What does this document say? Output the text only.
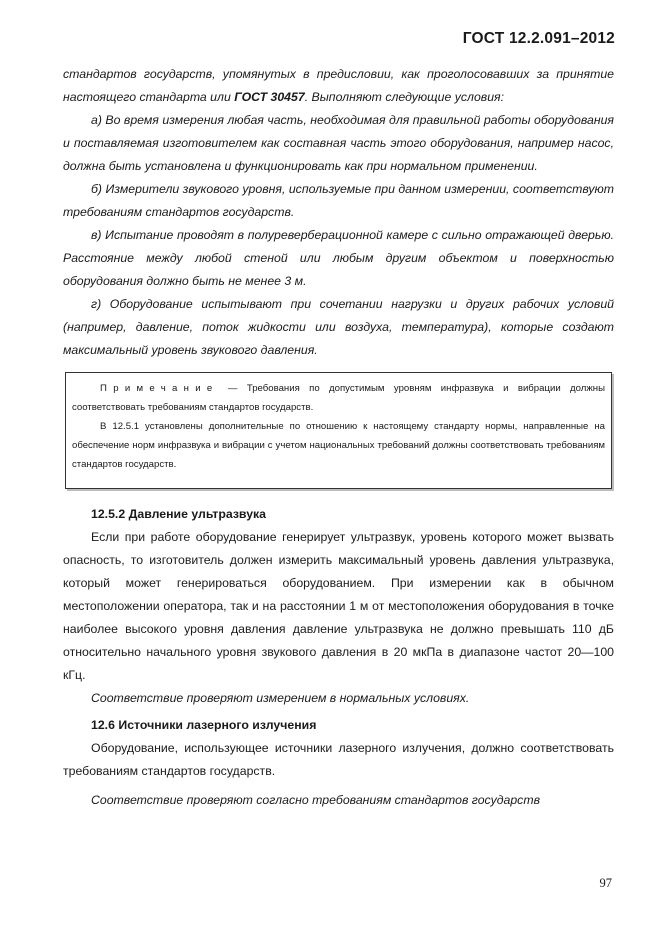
ГОСТ 12.2.091–2012

стандартов государств, упомянутых в предисловии, как проголосовавших за принятие настоящего стандарта или ГОСТ 30457. Выполняют следующие условия:

а) Во время измерения любая часть, необходимая для правильной работы оборудования и поставляемая изготовителем как составная часть этого оборудования, например насос, должна быть установлена и функционировать как при нормальном применении.

б) Измерители звукового уровня, используемые при данном измерении, соответствуют требованиям стандартов государств.

в) Испытание проводят в полуреверберационной камере с сильно отражающей дверью. Расстояние между любой стеной или любым другим объектом и поверхностью оборудования должно быть не менее 3 м.

г) Оборудование испытывают при сочетании нагрузки и других рабочих условий (например, давление, поток жидкости или воздуха, температура), которые создают максимальный уровень звукового давления.

Примечание — Требования по допустимым уровням инфразвука и вибрации должны соответствовать требованиям стандартов государств.

В 12.5.1 установлены дополнительные по отношению к настоящему стандарту нормы, направленные на обеспечение норм инфразвука и вибрации с учетом национальных требований должны соответствовать требованиям стандартов государств.

12.5.2 Давление ультразвука

Если при работе оборудование генерирует ультразвук, уровень которого может вызвать опасность, то изготовитель должен измерить максимальный уровень давления ультразвука, который может генерироваться оборудованием. При измерении как в обычном местоположении оператора, так и на расстоянии 1 м от местоположения оборудования в точке наиболее высокого уровня давления давление ультразвука не должно превышать 110 дБ относительно начального уровня звукового давления в 20 мкПа в диапазоне частот 20—100 кГц.

Соответствие проверяют измерением в нормальных условиях.

12.6 Источники лазерного излучения

Оборудование, использующее источники лазерного излучения, должно соответствовать требованиям стандартов государств.

Соответствие проверяют согласно требованиям стандартов государств

97
